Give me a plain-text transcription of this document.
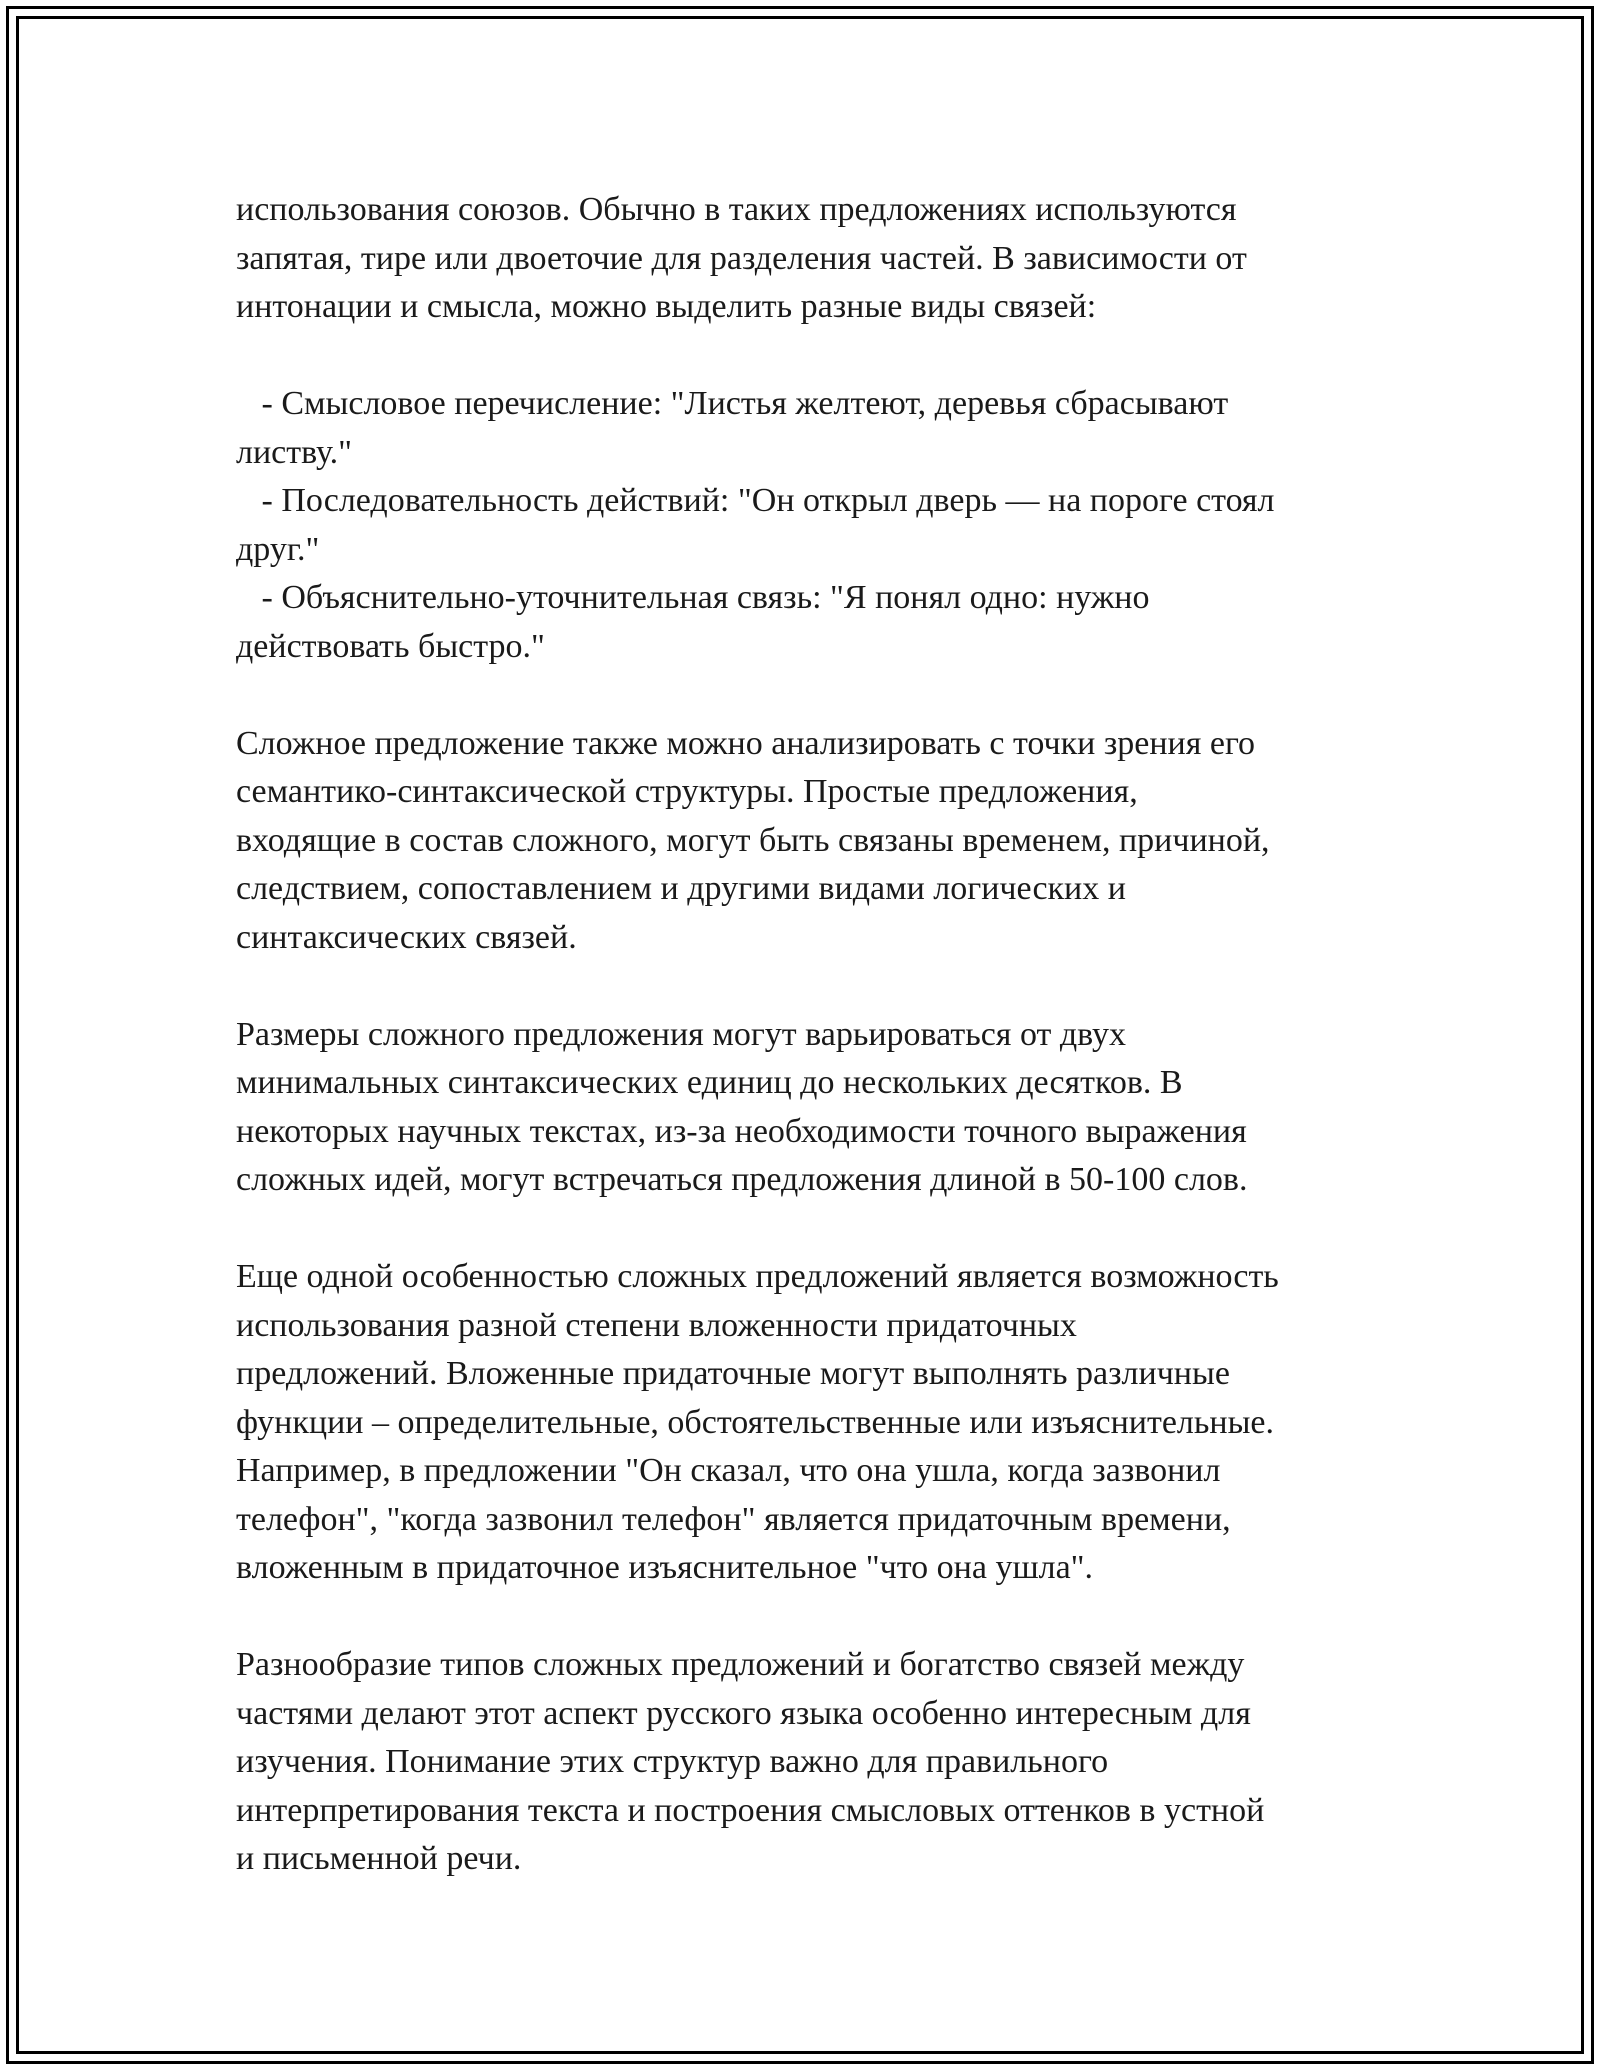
использования союзов. Обычно в таких предложениях используются
запятая, тире или двоеточие для разделения частей. В зависимости от
интонации и смысла, можно выделить разные виды связей:
- Смысловое перечисление: "Листья желтеют, деревья сбрасывают
листву."
- Последовательность действий: "Он открыл дверь — на пороге стоял
друг."
- Объяснительно-уточнительная связь: "Я понял одно: нужно
действовать быстро."
Сложное предложение также можно анализировать с точки зрения его
семантико-синтаксической структуры. Простые предложения,
входящие в состав сложного, могут быть связаны временем, причиной,
следствием, сопоставлением и другими видами логических и
синтаксических связей.
Размеры сложного предложения могут варьироваться от двух
минимальных синтаксических единиц до нескольких десятков. В
некоторых научных текстах, из-за необходимости точного выражения
сложных идей, могут встречаться предложения длиной в 50-100 слов.
Еще одной особенностью сложных предложений является возможность
использования разной степени вложенности придаточных
предложений. Вложенные придаточные могут выполнять различные
функции – определительные, обстоятельственные или изъяснительные.
Например, в предложении "Он сказал, что она ушла, когда зазвонил
телефон", "когда зазвонил телефон" является придаточным времени,
вложенным в придаточное изъяснительное "что она ушла".
Разнообразие типов сложных предложений и богатство связей между
частями делают этот аспект русского языка особенно интересным для
изучения. Понимание этих структур важно для правильного
интерпретирования текста и построения смысловых оттенков в устной
и письменной речи.
